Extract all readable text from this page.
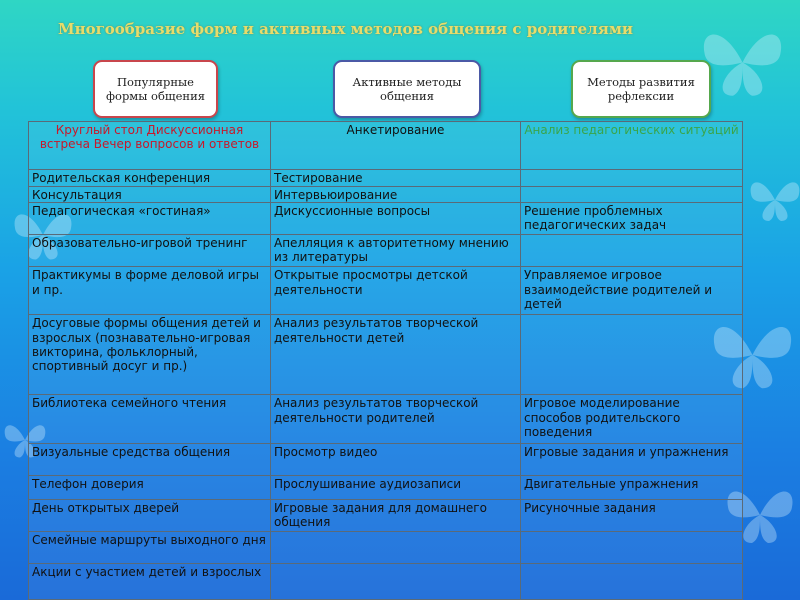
Многообразие форм и активных методов общения с родителями
Популярные формы общения
Активные методы общения
Методы развития рефлексии
Круглый стол Дискуссионная встреча Вечер вопросов и ответов	Анкетирование	Анализ педагогических ситуаций
Родительская конференция	Тестирование	
Консультация	Интервьюирование	
Педагогическая «гостиная»	Дискуссионные вопросы	Решение проблемных педагогических задач
Образовательно-игровой тренинг	Апелляция к авторитетному мнению из литературы	
Практикумы в форме деловой игры и пр.	Открытые просмотры детской деятельности	Управляемое игровое взаимодействие родителей и детей
Досуговые формы общения детей и взрослых (познавательно-игровая викторина, фольклорный, спортивный досуг и пр.)	Анализ результатов творческой деятельности детей	
Библиотека семейного чтения	Анализ результатов творческой деятельности родителей	Игровое моделирование способов родительского поведения
Визуальные средства общения	Просмотр видео	Игровые задания и упражнения
Телефон доверия	Прослушивание аудиозаписи	Двигательные упражнения
День открытых дверей	Игровые задания для домашнего общения	Рисуночные задания
Семейные маршруты выходного дня		
Акции с участием детей и взрослых		
